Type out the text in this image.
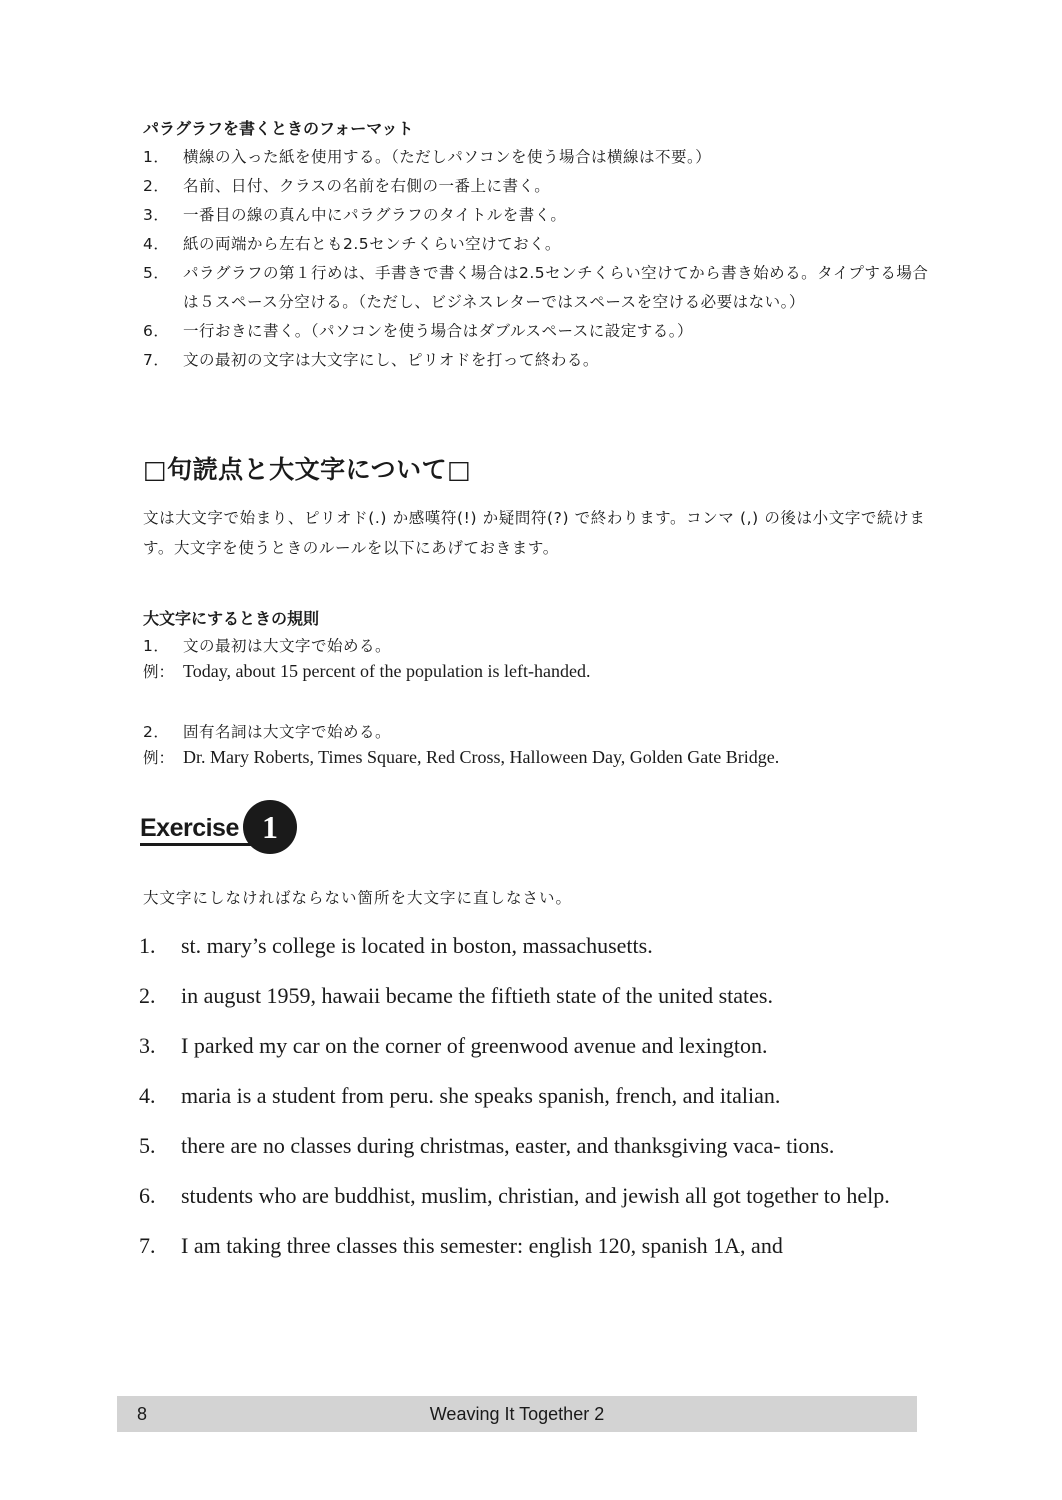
パラグラフを書くときのフォーマット
1． 横線の入った紙を使用する。（ただしパソコンを使う場合は横線は不要。）
2． 名前、日付、クラスの名前を右側の一番上に書く。
3． 一番目の線の真ん中にパラグラフのタイトルを書く。
4． 紙の両端から左右とも2.5センチくらい空けておく。
5． パラグラフの第１行めは、手書きで書く場合は2.5センチくらい空けてから書き始める。タイプする場合は５スペース分空ける。（ただし、ビジネスレターではスペースを空ける必要はない。）
6． 一行おきに書く。（パソコンを使う場合はダブルスペースに設定する。）
7． 文の最初の文字は大文字にし、ピリオドを打って終わる。
□句読点と大文字について□

文は大文字で始まり、ピリオド(.) か感嘆符(!) か疑問符(?) で終わります。コンマ (,) の後は小文字で続けます。大文字を使うときのルールを以下にあげておきます。

大文字にするときの規則
1． 文の最初は大文字で始める。
例： Today, about 15 percent of the population is left-handed.
2． 固有名詞は大文字で始める。
例： Dr. Mary Roberts, Times Square, Red Cross, Halloween Day, Golden Gate Bridge.
Exercise 1
大文字にしなければならない箇所を大文字に直しなさい。
1. st. mary’s college is located in boston, massachusetts.
2. in august 1959, hawaii became the fiftieth state of the united states.
3. I parked my car on the corner of greenwood avenue and lexington.
4. maria is a student from peru. she speaks spanish, french, and italian.
5. there are no classes during christmas, easter, and thanksgiving vaca- tions.
6. students who are buddhist, muslim, christian, and jewish all got together to help.
7. I am taking three classes this semester: english 120, spanish 1A, and
8	Weaving It Together 2
